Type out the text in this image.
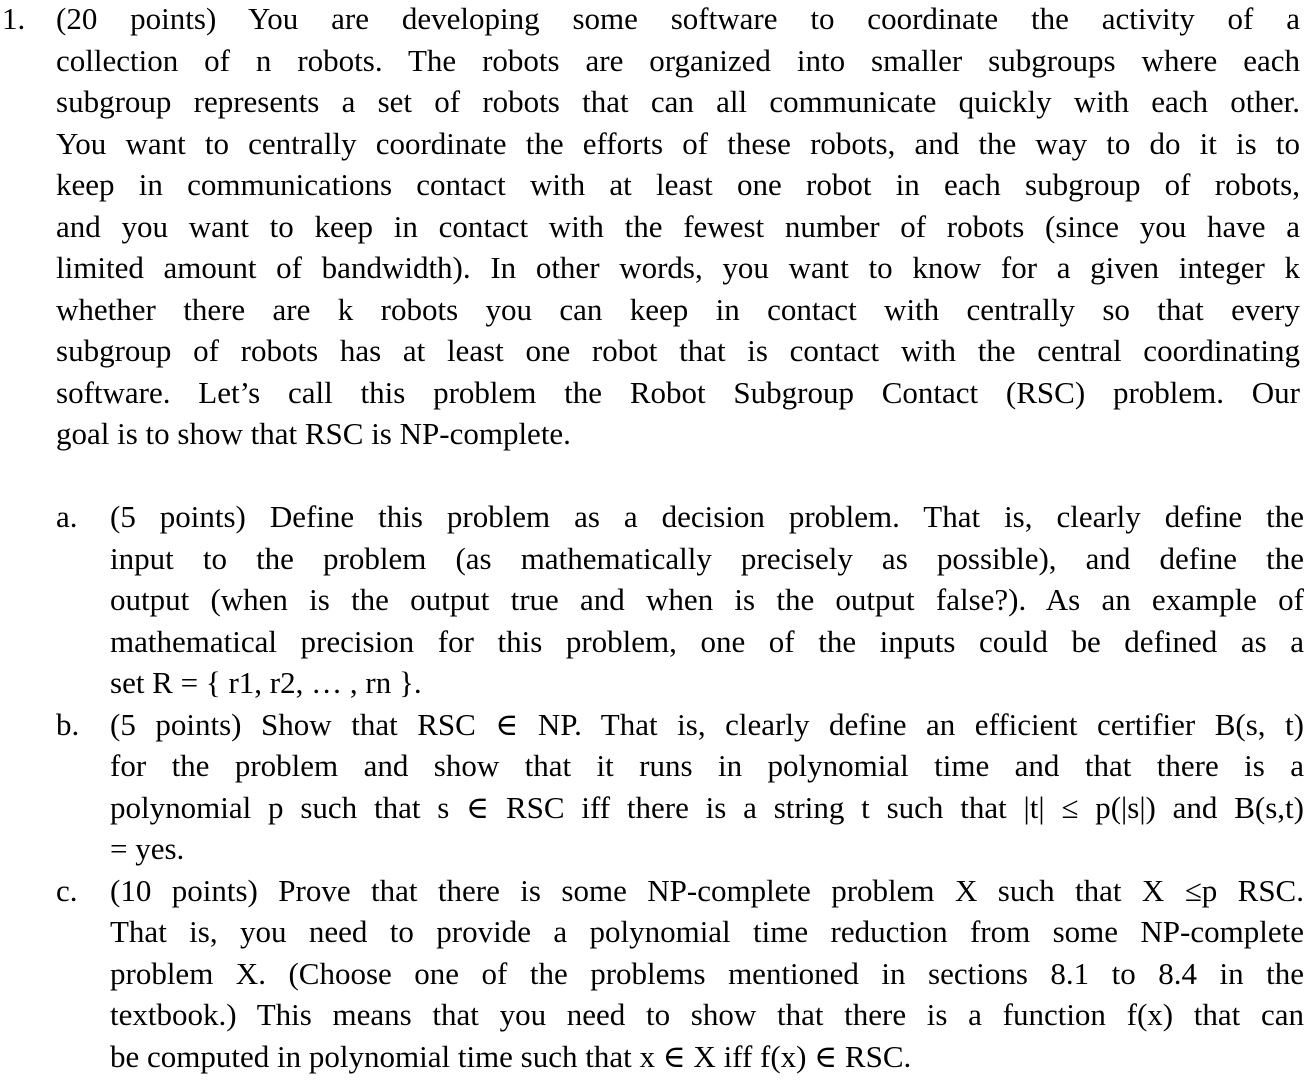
1. (20 points) You are developing some software to coordinate the activity of a
collection of n robots. The robots are organized into smaller subgroups where each
subgroup represents a set of robots that can all communicate quickly with each other.
You want to centrally coordinate the efforts of these robots, and the way to do it is to
keep in communications contact with at least one robot in each subgroup of robots,
and you want to keep in contact with the fewest number of robots (since you have a
limited amount of bandwidth). In other words, you want to know for a given integer k
whether there are k robots you can keep in contact with centrally so that every
subgroup of robots has at least one robot that is contact with the central coordinating
software. Let’s call this problem the Robot Subgroup Contact (RSC) problem. Our
goal is to show that RSC is NP-complete.
a. (5 points) Define this problem as a decision problem. That is, clearly define the
input to the problem (as mathematically precisely as possible), and define the
output (when is the output true and when is the output false?). As an example of
mathematical precision for this problem, one of the inputs could be defined as a
set R = { r1, r2, … , rn }.
b. (5 points) Show that RSC ∈ NP. That is, clearly define an efficient certifier B(s, t)
for the problem and show that it runs in polynomial time and that there is a
polynomial p such that s ∈ RSC iff there is a string t such that |t| ≤ p(|s|) and B(s,t)
= yes.
c. (10 points) Prove that there is some NP-complete problem X such that X ≤p RSC.
That is, you need to provide a polynomial time reduction from some NP-complete
problem X. (Choose one of the problems mentioned in sections 8.1 to 8.4 in the
textbook.) This means that you need to show that there is a function f(x) that can
be computed in polynomial time such that x ∈ X iff f(x) ∈ RSC.
